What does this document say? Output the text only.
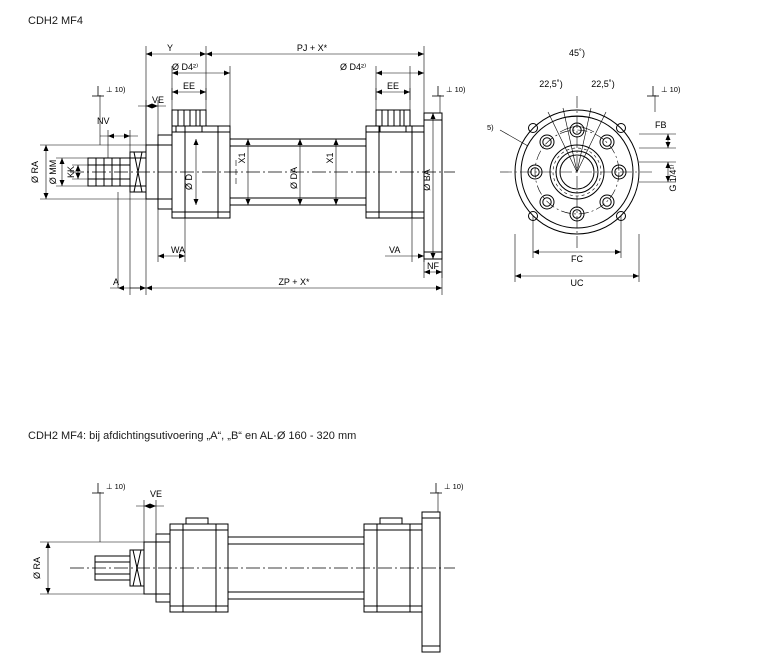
CDH2 MF4
CDH2 MF4: bij afdichtingsutivoering „A“, „B“ en AL·Ø 160 - 320 mm
Y	PJ + X*
Ø D4²⁾	Ø D4²⁾
EE	EE
VE
NV
Ø RA Ø MM KK
Ø D
X1
Ø DA
X1
Ø BA
WA	VA
NF
A	ZP + X*
⊥ 10)	⊥ 10)
45˚)
22,5˚)	22,5˚)
5)	FB
G 1/4¹⁾
FC
UC
⊥ 10)
VE
Ø RA
⊥ 10)	⊥ 10)
